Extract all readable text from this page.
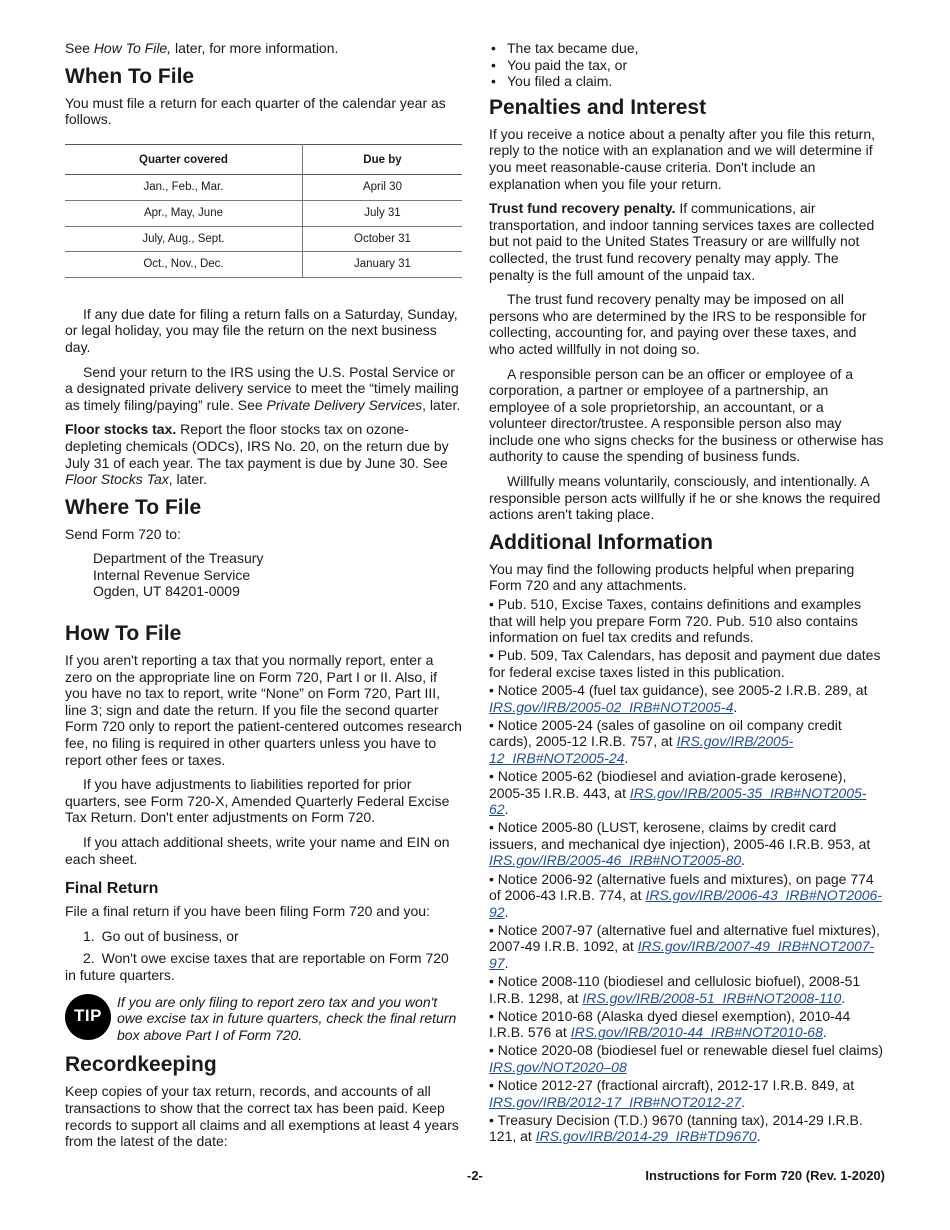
See How To File, later, for more information.

When To File

You must file a return for each quarter of the calendar year as follows.

Quarter covered	Due by
Jan., Feb., Mar.	April 30
Apr., May, June	July 31
July, Aug., Sept.	October 31
Oct., Nov., Dec.	January 31

If any due date for filing a return falls on a Saturday, Sunday, or legal holiday, you may file the return on the next business day.

Send your return to the IRS using the U.S. Postal Service or a designated private delivery service to meet the “timely mailing as timely filing/paying” rule. See Private Delivery Services, later.

Floor stocks tax. Report the floor stocks tax on ozone-depleting chemicals (ODCs), IRS No. 20, on the return due by July 31 of each year. The tax payment is due by June 30. See Floor Stocks Tax, later.

Where To File

Send Form 720 to:

Department of the Treasury
Internal Revenue Service
Ogden, UT 84201-0009
How To File

If you aren't reporting a tax that you normally report, enter a zero on the appropriate line on Form 720, Part I or II. Also, if you have no tax to report, write “None” on Form 720, Part III, line 3; sign and date the return. If you file the second quarter Form 720 only to report the patient-centered outcomes research fee, no filing is required in other quarters unless you have to report other fees or taxes.

If you have adjustments to liabilities reported for prior quarters, see Form 720-X, Amended Quarterly Federal Excise Tax Return. Don't enter adjustments on Form 720.

If you attach additional sheets, write your name and EIN on each sheet.

Final Return

File a final return if you have been filing Form 720 and you:

1. Go out of business, or
2. Won't owe excise taxes that are reportable on Form 720 in future quarters.
TIP
If you are only filing to report zero tax and you won't owe excise tax in future quarters, check the final return box above Part I of Form 720.
Recordkeeping

Keep copies of your tax return, records, and accounts of all transactions to show that the correct tax has been paid. Keep records to support all claims and all exemptions at least 4 years from the latest of the date:

• The tax became due,
• You paid the tax, or
• You filed a claim.
Penalties and Interest

If you receive a notice about a penalty after you file this return, reply to the notice with an explanation and we will determine if you meet reasonable-cause criteria. Don't include an explanation when you file your return.

Trust fund recovery penalty. If communications, air transportation, and indoor tanning services taxes are collected but not paid to the United States Treasury or are willfully not collected, the trust fund recovery penalty may apply. The penalty is the full amount of the unpaid tax.

The trust fund recovery penalty may be imposed on all persons who are determined by the IRS to be responsible for collecting, accounting for, and paying over these taxes, and who acted willfully in not doing so.

A responsible person can be an officer or employee of a corporation, a partner or employee of a partnership, an employee of a sole proprietorship, an accountant, or a volunteer director/trustee. A responsible person also may include one who signs checks for the business or otherwise has authority to cause the spending of business funds.

Willfully means voluntarily, consciously, and intentionally. A responsible person acts willfully if he or she knows the required actions aren't taking place.

Additional Information

You may find the following products helpful when preparing Form 720 and any attachments.

• Pub. 510, Excise Taxes, contains definitions and examples that will help you prepare Form 720. Pub. 510 also contains information on fuel tax credits and refunds.
• Pub. 509, Tax Calendars, has deposit and payment due dates for federal excise taxes listed in this publication.
• Notice 2005-4 (fuel tax guidance), see 2005-2 I.R.B. 289, at IRS.gov/IRB/2005-02_IRB#NOT2005-4.
• Notice 2005-24 (sales of gasoline on oil company credit cards), 2005-12 I.R.B. 757, at IRS.gov/IRB/2005-12_IRB#NOT2005-24.
• Notice 2005-62 (biodiesel and aviation-grade kerosene), 2005-35 I.R.B. 443, at IRS.gov/IRB/2005-35_IRB#NOT2005-62.
• Notice 2005-80 (LUST, kerosene, claims by credit card issuers, and mechanical dye injection), 2005-46 I.R.B. 953, at IRS.gov/IRB/2005-46_IRB#NOT2005-80.
• Notice 2006-92 (alternative fuels and mixtures), on page 774 of 2006-43 I.R.B. 774, at IRS.gov/IRB/2006-43_IRB#NOT2006-92.
• Notice 2007-97 (alternative fuel and alternative fuel mixtures), 2007-49 I.R.B. 1092, at IRS.gov/IRB/2007-49_IRB#NOT2007-97.
• Notice 2008-110 (biodiesel and cellulosic biofuel), 2008-51 I.R.B. 1298, at IRS.gov/IRB/2008-51_IRB#NOT2008-110.
• Notice 2010-68 (Alaska dyed diesel exemption), 2010-44 I.R.B. 576 at IRS.gov/IRB/2010-44_IRB#NOT2010-68.
• Notice 2020-08 (biodiesel fuel or renewable diesel fuel claims) IRS.gov/NOT2020–08
• Notice 2012-27 (fractional aircraft), 2012-17 I.R.B. 849, at IRS.gov/IRB/2012-17_IRB#NOT2012-27.
• Treasury Decision (T.D.) 9670 (tanning tax), 2014-29 I.R.B. 121, at IRS.gov/IRB/2014-29_IRB#TD9670.
-2-	Instructions for Form 720 (Rev. 1-2020)
